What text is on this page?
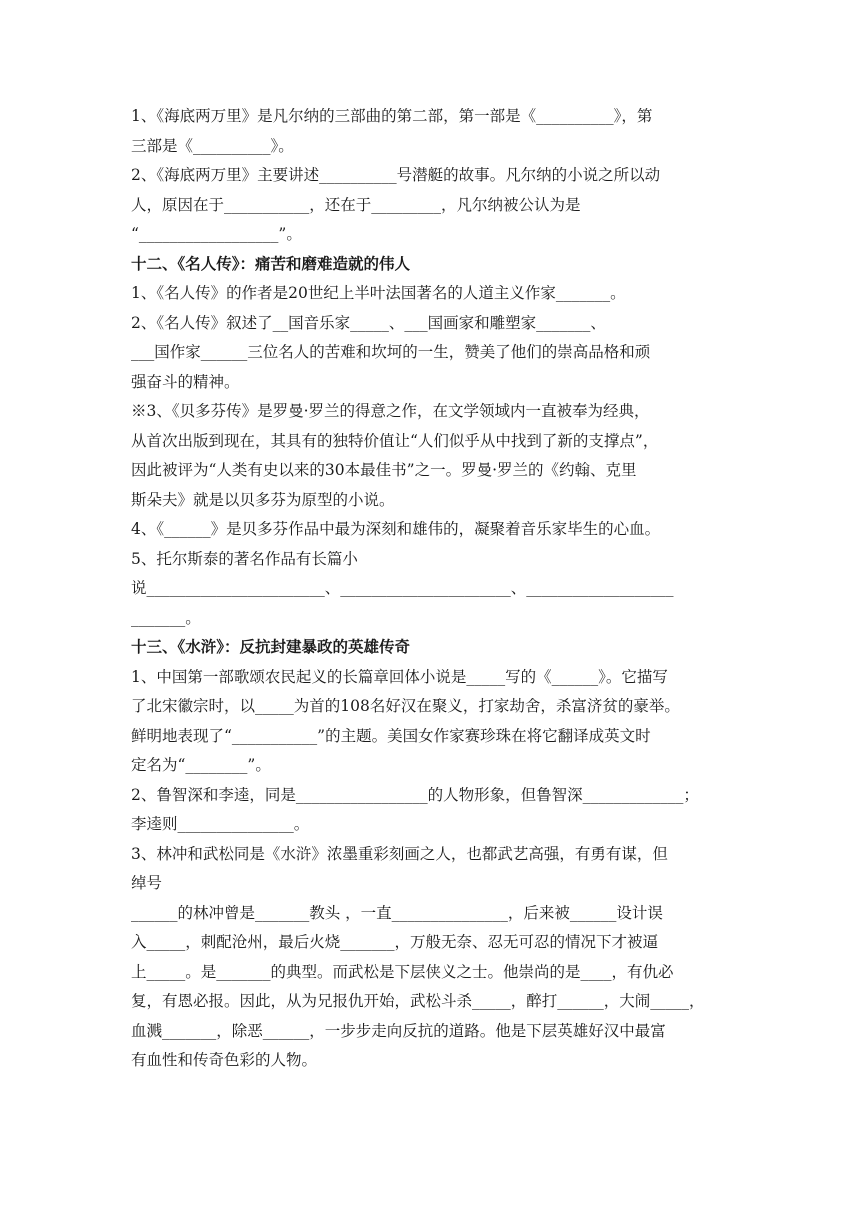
1、《海底两万里》是凡尔纳的三部曲的第二部，第一部是《__________》，第
三部是《__________》。
2、《海底两万里》主要讲述__________号潜艇的故事。凡尔纳的小说之所以动
人，原因在于___________，还在于_________，凡尔纳被公认为是
“__________________”。
十二、《名人传》：痛苦和磨难造就的伟人
1、《名人传》的作者是20世纪上半叶法国著名的人道主义作家_______。
2、《名人传》叙述了__国音乐家_____、___国画家和雕塑家_______、
___国作家______三位名人的苦难和坎坷的一生，赞美了他们的崇高品格和顽
强奋斗的精神。
※3、《贝多芬传》是罗曼·罗兰的得意之作，在文学领域内一直被奉为经典，
从首次出版到现在，其具有的独特价值让“人们似乎从中找到了新的支撑点”，
因此被评为“人类有史以来的30本最佳书”之一。罗曼·罗兰的《约翰、克里
斯朵夫》就是以贝多芬为原型的小说。
4、《______》是贝多芬作品中最为深刻和雄伟的，凝聚着音乐家毕生的心血。
5、托尔斯泰的著名作品有长篇小
说_______________________、______________________、___________________
_______。
十三、《水浒》：反抗封建暴政的英雄传奇
1、中国第一部歌颂农民起义的长篇章回体小说是_____写的《______》。它描写
了北宋徽宗时，以_____为首的108名好汉在聚义，打家劫舍，杀富济贫的豪举。
鲜明地表现了“___________”的主题。美国女作家赛珍珠在将它翻译成英文时
定名为“________”。
2、鲁智深和李逵，同是_________________的人物形象，但鲁智深_____________；
李逵则_______________。
3、林冲和武松同是《水浒》浓墨重彩刻画之人，也都武艺高强，有勇有谋，但
绰号
______的林冲曾是_______教头 ，一直_______________，后来被______设计误
入_____，刺配沧州，最后火烧_______，万般无奈、忍无可忍的情况下才被逼
上_____。是_______的典型。而武松是下层侠义之士。他崇尚的是____，有仇必
复，有恩必报。因此，从为兄报仇开始，武松斗杀_____，醉打______，大闹_____，
血溅_______，除恶______，一步步走向反抗的道路。他是下层英雄好汉中最富
有血性和传奇色彩的人物。
